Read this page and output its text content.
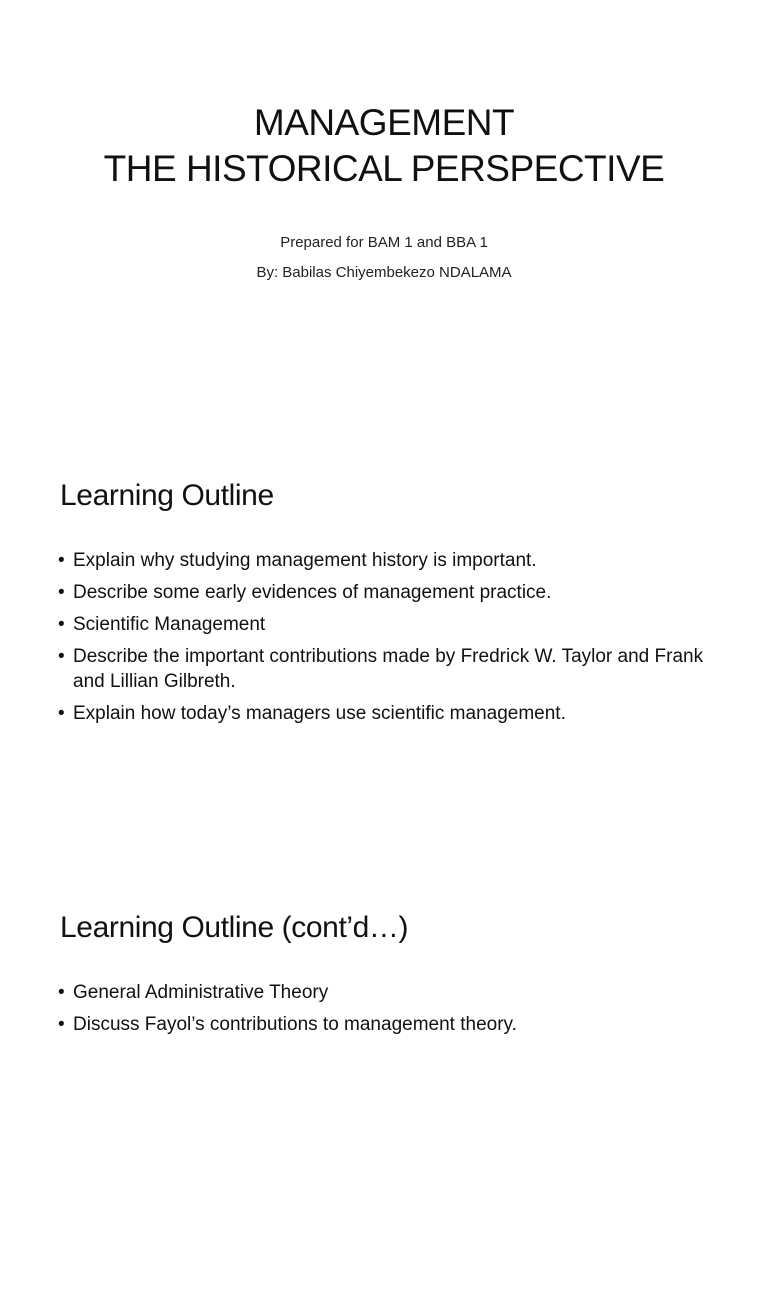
MANAGEMENT
THE HISTORICAL PERSPECTIVE
Prepared for BAM 1 and BBA 1
By: Babilas Chiyembekezo NDALAMA
Learning Outline
• Explain why studying management history is important.
• Describe some early evidences of management practice.
• Scientific Management
• Describe the important contributions made by Fredrick W. Taylor and Frank and Lillian Gilbreth.
• Explain how today’s managers use scientific management.
Learning Outline (cont’d…)
• General Administrative Theory
• Discuss Fayol’s contributions to management theory.
